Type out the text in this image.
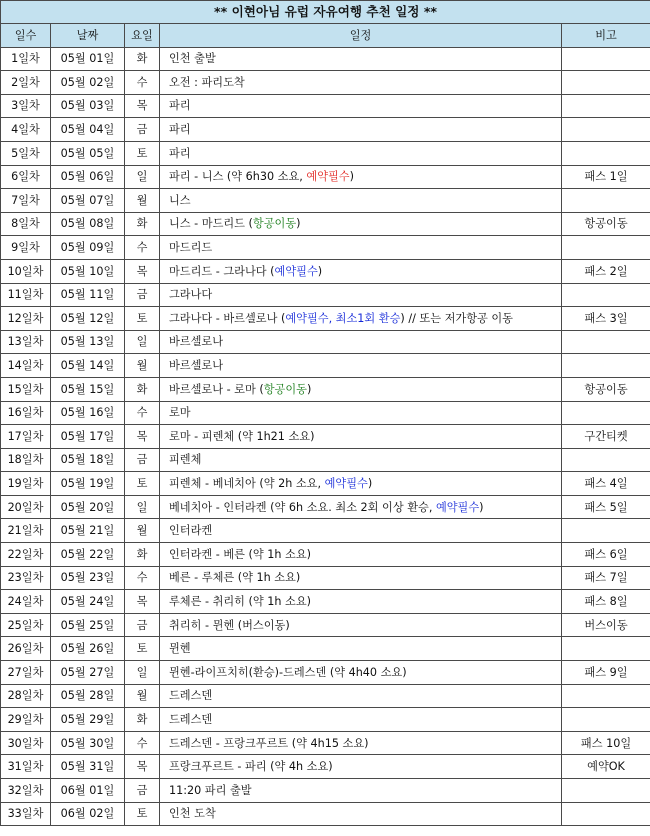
** 이현아님 유럽 자유여행 추천 일정 **				
일수	날짜	요일	일정	비고
1일차	05월 01일	화	인천 출발	
2일차	05월 02일	수	오전 : 파리도착	
3일차	05월 03일	목	파리	
4일차	05월 04일	금	파리	
5일차	05월 05일	토	파리	
6일차	05월 06일	일	파리 - 니스 (약 6h30 소요, 예약필수)	패스 1일
7일차	05월 07일	월	니스	
8일차	05월 08일	화	니스 - 마드리드 (항공이동)	항공이동
9일차	05월 09일	수	마드리드	
10일차	05월 10일	목	마드리드 - 그라나다 (예약필수)	패스 2일
11일차	05월 11일	금	그라나다	
12일차	05월 12일	토	그라나다 - 바르셀로나 (예약필수, 최소1회 환승) // 또는 저가항공 이동	패스 3일
13일차	05월 13일	일	바르셀로나	
14일차	05월 14일	월	바르셀로나	
15일차	05월 15일	화	바르셀로나 - 로마 (항공이동)	항공이동
16일차	05월 16일	수	로마	
17일차	05월 17일	목	로마 - 피렌체 (약 1h21 소요)	구간티켓
18일차	05월 18일	금	피렌체	
19일차	05월 19일	토	피렌체 - 베네치아 (약 2h 소요, 예약필수)	패스 4일
20일차	05월 20일	일	베네치아 - 인터라켄 (약 6h 소요. 최소 2회 이상 환승, 예약필수)	패스 5일
21일차	05월 21일	월	인터라켄	
22일차	05월 22일	화	인터라켄 - 베른 (약 1h 소요)	패스 6일
23일차	05월 23일	수	베른 - 루체른 (약 1h 소요)	패스 7일
24일차	05월 24일	목	루체른 - 취리히 (약 1h 소요)	패스 8일
25일차	05월 25일	금	취리히 - 뮌헨 (버스이동)	버스이동
26일차	05월 26일	토	뮌헨	
27일차	05월 27일	일	뮌헨-라이프치히(환승)-드레스덴 (약 4h40 소요)	패스 9일
28일차	05월 28일	월	드레스덴	
29일차	05월 29일	화	드레스덴	
30일차	05월 30일	수	드레스덴 - 프랑크푸르트 (약 4h15 소요)	패스 10일
31일차	05월 31일	목	프랑크푸르트 - 파리 (약 4h 소요)	예약OK
32일차	06월 01일	금	11:20 파리 출발	
33일차	06월 02일	토	인천 도착	
